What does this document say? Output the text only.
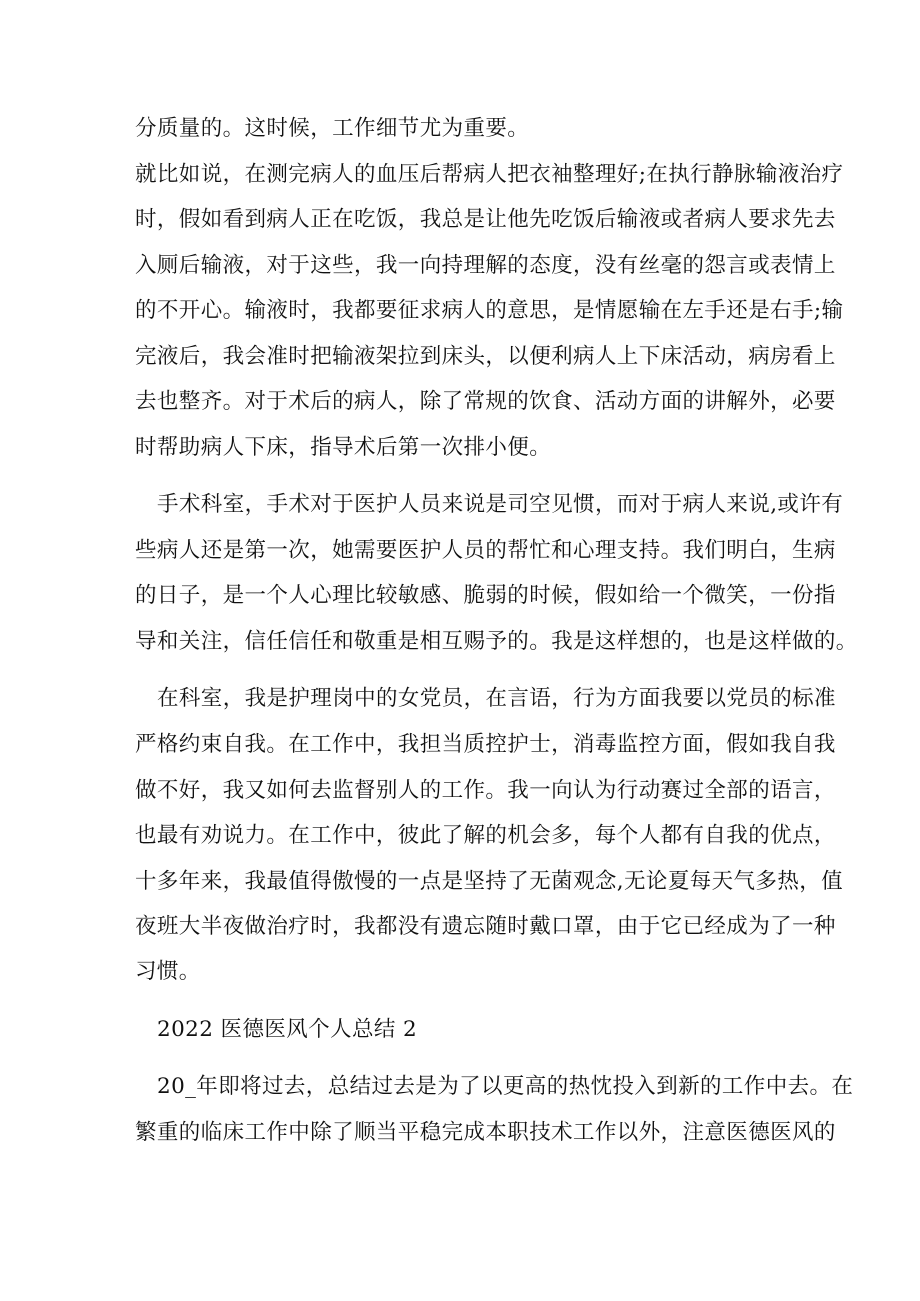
分质量的。这时候，工作细节尤为重要。
就比如说，在测完病人的血压后帮病人把衣袖整理好;在执行静脉输液治疗
时，假如看到病人正在吃饭，我总是让他先吃饭后输液或者病人要求先去
入厕后输液，对于这些，我一向持理解的态度，没有丝毫的怨言或表情上
的不开心。输液时，我都要征求病人的意思，是情愿输在左手还是右手;输
完液后，我会准时把输液架拉到床头，以便利病人上下床活动，病房看上
去也整齐。对于术后的病人，除了常规的饮食、活动方面的讲解外，必要
时帮助病人下床，指导术后第一次排小便。
手术科室，手术对于医护人员来说是司空见惯，而对于病人来说,或许有
些病人还是第一次，她需要医护人员的帮忙和心理支持。我们明白，生病
的日子，是一个人心理比较敏感、脆弱的时候，假如给一个微笑，一份指
导和关注，信任信任和敬重是相互赐予的。我是这样想的，也是这样做的。
在科室，我是护理岗中的女党员，在言语，行为方面我要以党员的标准
严格约束自我。在工作中，我担当质控护士，消毒监控方面，假如我自我
做不好，我又如何去监督别人的工作。我一向认为行动赛过全部的语言，
也最有劝说力。在工作中，彼此了解的机会多，每个人都有自我的优点，
十多年来，我最值得傲慢的一点是坚持了无菌观念,无论夏每天气多热，值
夜班大半夜做治疗时，我都没有遗忘随时戴口罩，由于它已经成为了一种
习惯。
2022 医德医风个人总结 2
20_年即将过去，总结过去是为了以更高的热忱投入到新的工作中去。在
繁重的临床工作中除了顺当平稳完成本职技术工作以外，注意医德医风的
